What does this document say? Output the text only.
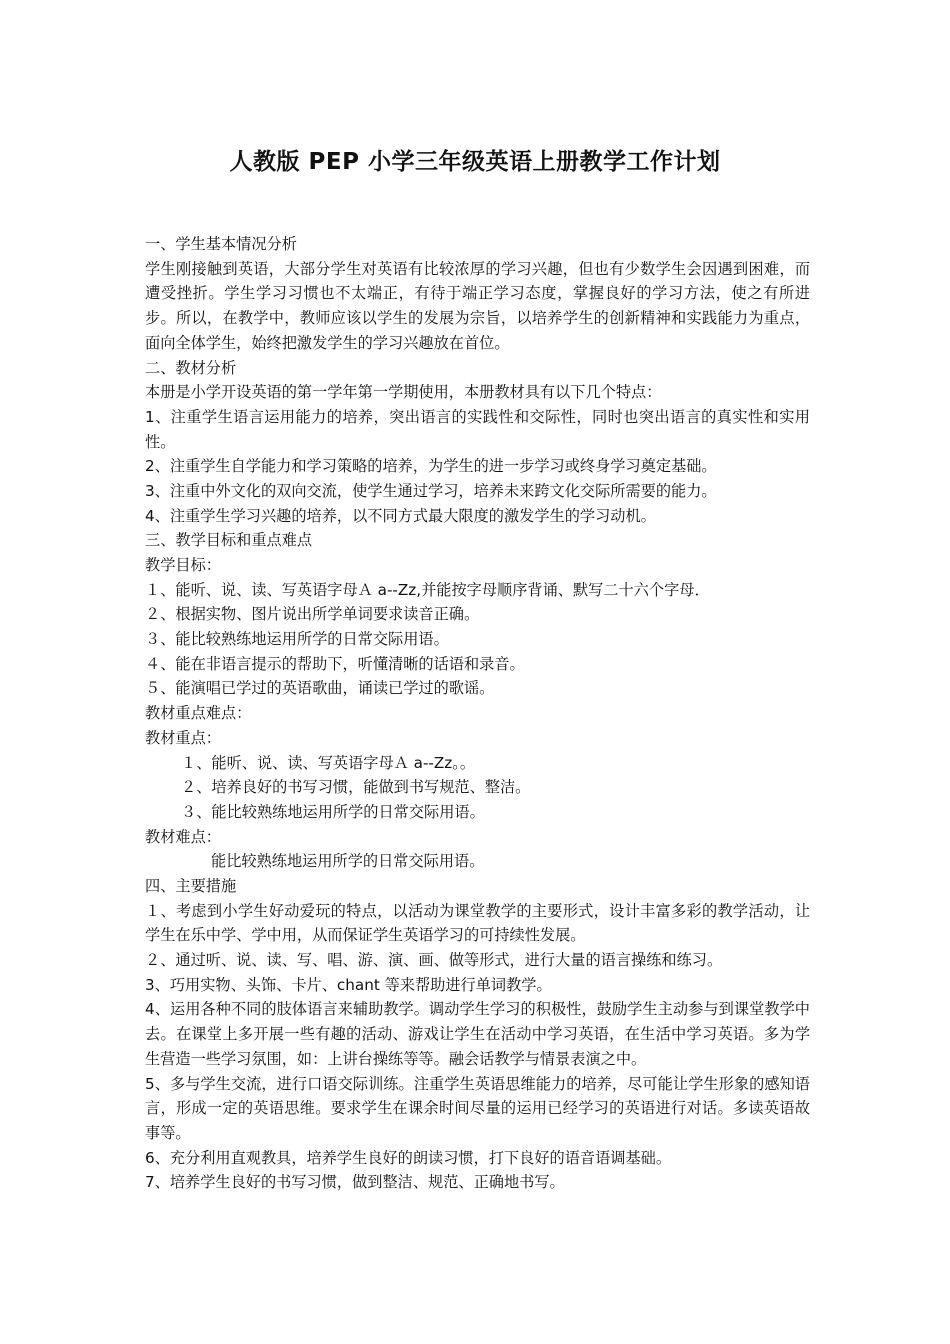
人教版 PEP 小学三年级英语上册教学工作计划
一、学生基本情况分析
学生刚接触到英语，大部分学生对英语有比较浓厚的学习兴趣，但也有少数学生会因遇到困难，而遭受挫折。学生学习习惯也不太端正，有待于端正学习态度，掌握良好的学习方法，使之有所进步。所以，在教学中，教师应该以学生的发展为宗旨，以培养学生的创新精神和实践能力为重点，面向全体学生，始终把激发学生的学习兴趣放在首位。
二、教材分析
本册是小学开设英语的第一学年第一学期使用，本册教材具有以下几个特点：
1、注重学生语言运用能力的培养，突出语言的实践性和交际性，同时也突出语言的真实性和实用性。
2、注重学生自学能力和学习策略的培养，为学生的进一步学习或终身学习奠定基础。
3、注重中外文化的双向交流，使学生通过学习，培养未来跨文化交际所需要的能力。
4、注重学生学习兴趣的培养，以不同方式最大限度的激发学生的学习动机。
三、教学目标和重点难点
教学目标：
１、能听、说、读、写英语字母Ａ a--Zz,并能按字母顺序背诵、默写二十六个字母．
２、根据实物、图片说出所学单词要求读音正确。
３、能比较熟练地运用所学的日常交际用语。
４、能在非语言提示的帮助下，听懂清晰的话语和录音。
５、能演唱已学过的英语歌曲，诵读已学过的歌谣。
教材重点难点：
教材重点：
１、能听、说、读、写英语字母Ａ a--Zz。。
２、培养良好的书写习惯，能做到书写规范、整洁。
３、能比较熟练地运用所学的日常交际用语。
教材难点：
能比较熟练地运用所学的日常交际用语。
四、主要措施
１、考虑到小学生好动爱玩的特点，以活动为课堂教学的主要形式，设计丰富多彩的教学活动，让学生在乐中学、学中用，从而保证学生英语学习的可持续性发展。
２、通过听、说、读、写、唱、游、演、画、做等形式，进行大量的语言操练和练习。
3、巧用实物、头饰、卡片、chant 等来帮助进行单词教学。
4、运用各种不同的肢体语言来辅助教学。调动学生学习的积极性，鼓励学生主动参与到课堂教学中去。在课堂上多开展一些有趣的活动、游戏让学生在活动中学习英语，在生活中学习英语。多为学生营造一些学习氛围，如：上讲台操练等等。融会话教学与情景表演之中。
5、多与学生交流，进行口语交际训练。注重学生英语思维能力的培养，尽可能让学生形象的感知语言，形成一定的英语思维。要求学生在课余时间尽量的运用已经学习的英语进行对话。多读英语故事等。
6、充分利用直观教具，培养学生良好的朗读习惯，打下良好的语音语调基础。
7、培养学生良好的书写习惯，做到整洁、规范、正确地书写。
